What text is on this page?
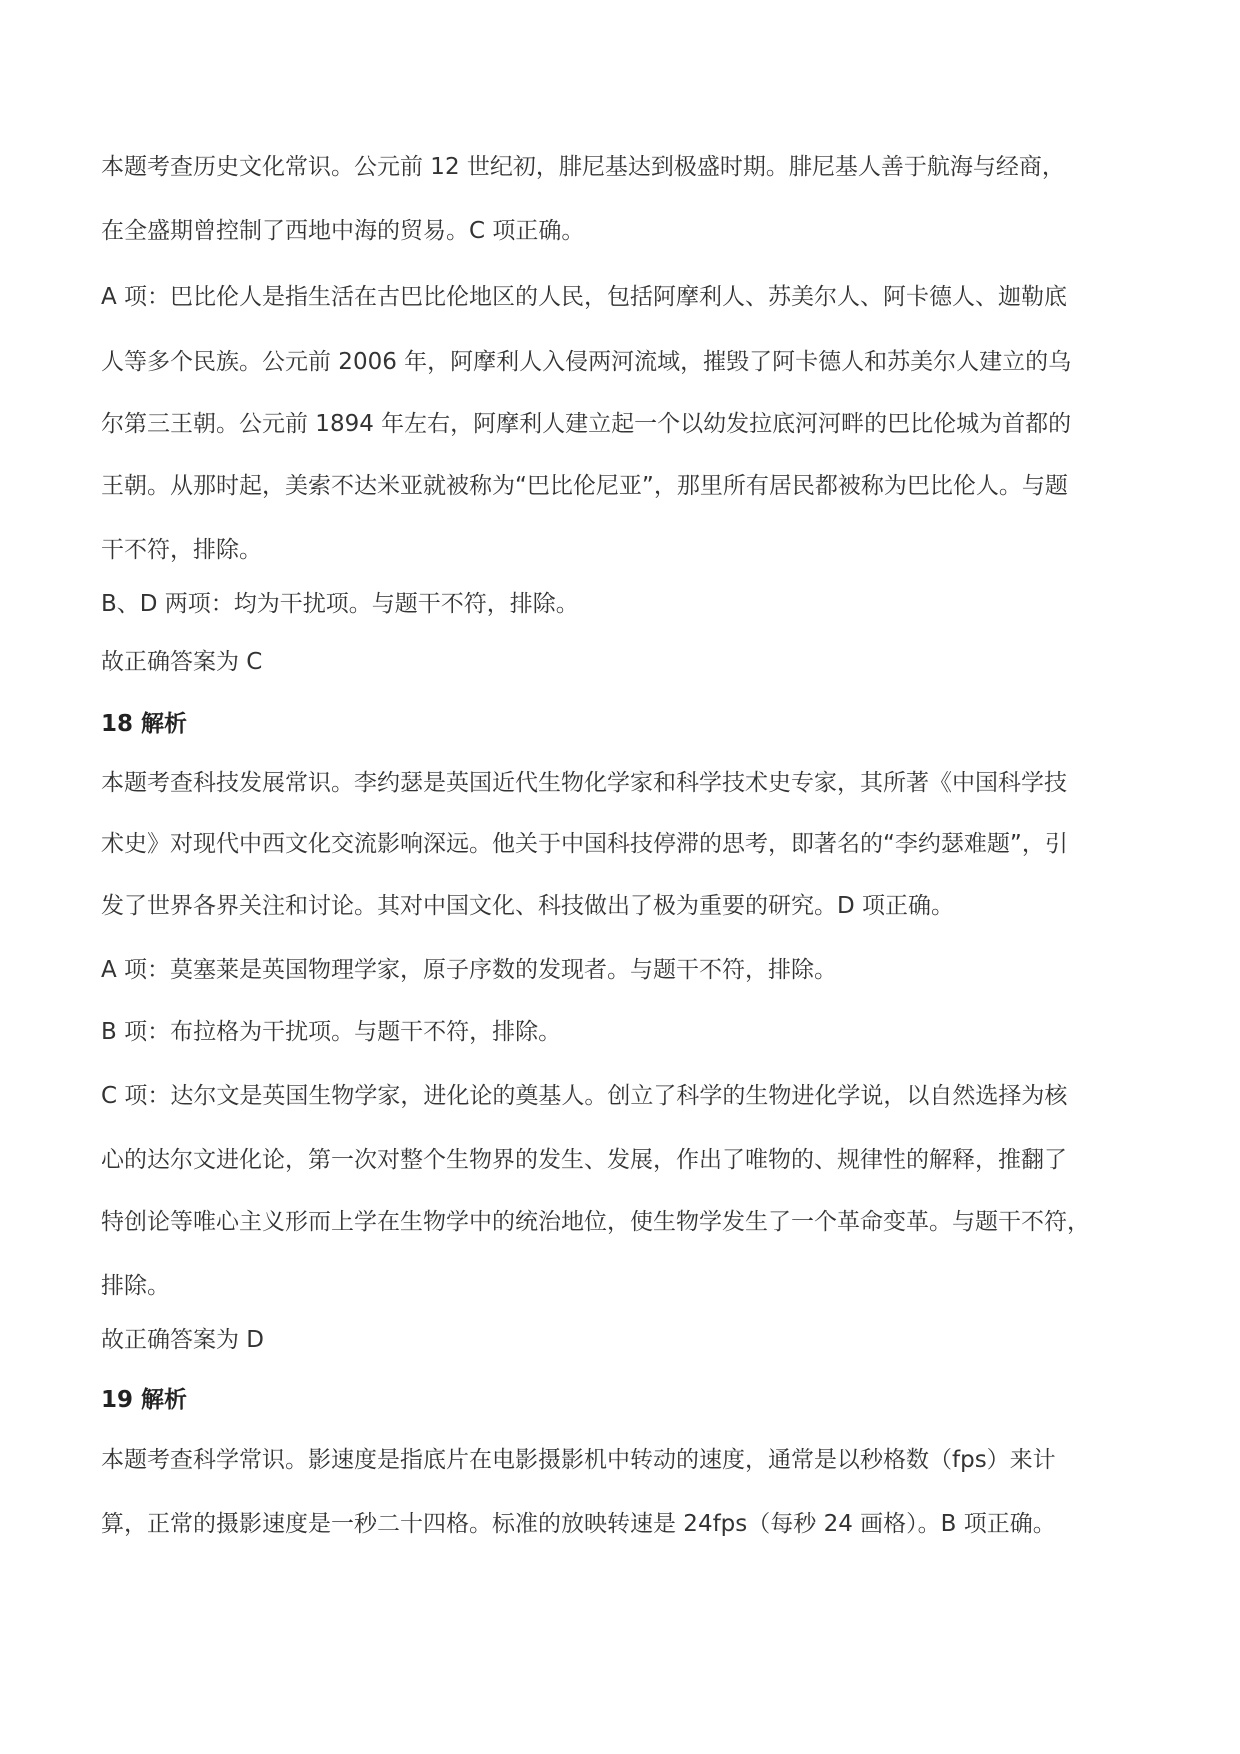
本题考查历史文化常识。公元前 12 世纪初，腓尼基达到极盛时期。腓尼基人善于航海与经商，
在全盛期曾控制了西地中海的贸易。C 项正确。
A 项：巴比伦人是指生活在古巴比伦地区的人民，包括阿摩利人、苏美尔人、阿卡德人、迦勒底
人等多个民族。公元前 2006 年，阿摩利人入侵两河流域，摧毁了阿卡德人和苏美尔人建立的乌
尔第三王朝。公元前 1894 年左右，阿摩利人建立起一个以幼发拉底河河畔的巴比伦城为首都的
王朝。从那时起，美索不达米亚就被称为“巴比伦尼亚”，那里所有居民都被称为巴比伦人。与题
干不符，排除。
B、D 两项：均为干扰项。与题干不符，排除。
故正确答案为 C
18 解析
本题考查科技发展常识。李约瑟是英国近代生物化学家和科学技术史专家，其所著《中国科学技
术史》对现代中西文化交流影响深远。他关于中国科技停滞的思考，即著名的“李约瑟难题”，引
发了世界各界关注和讨论。其对中国文化、科技做出了极为重要的研究。D 项正确。
A 项：莫塞莱是英国物理学家，原子序数的发现者。与题干不符，排除。
B 项：布拉格为干扰项。与题干不符，排除。
C 项：达尔文是英国生物学家，进化论的奠基人。创立了科学的生物进化学说，以自然选择为核
心的达尔文进化论，第一次对整个生物界的发生、发展，作出了唯物的、规律性的解释，推翻了
特创论等唯心主义形而上学在生物学中的统治地位，使生物学发生了一个革命变革。与题干不符，
排除。
故正确答案为 D
19 解析
本题考查科学常识。影速度是指底片在电影摄影机中转动的速度，通常是以秒格数（fps）来计
算，正常的摄影速度是一秒二十四格。标准的放映转速是 24fps（每秒 24 画格）。B 项正确。
